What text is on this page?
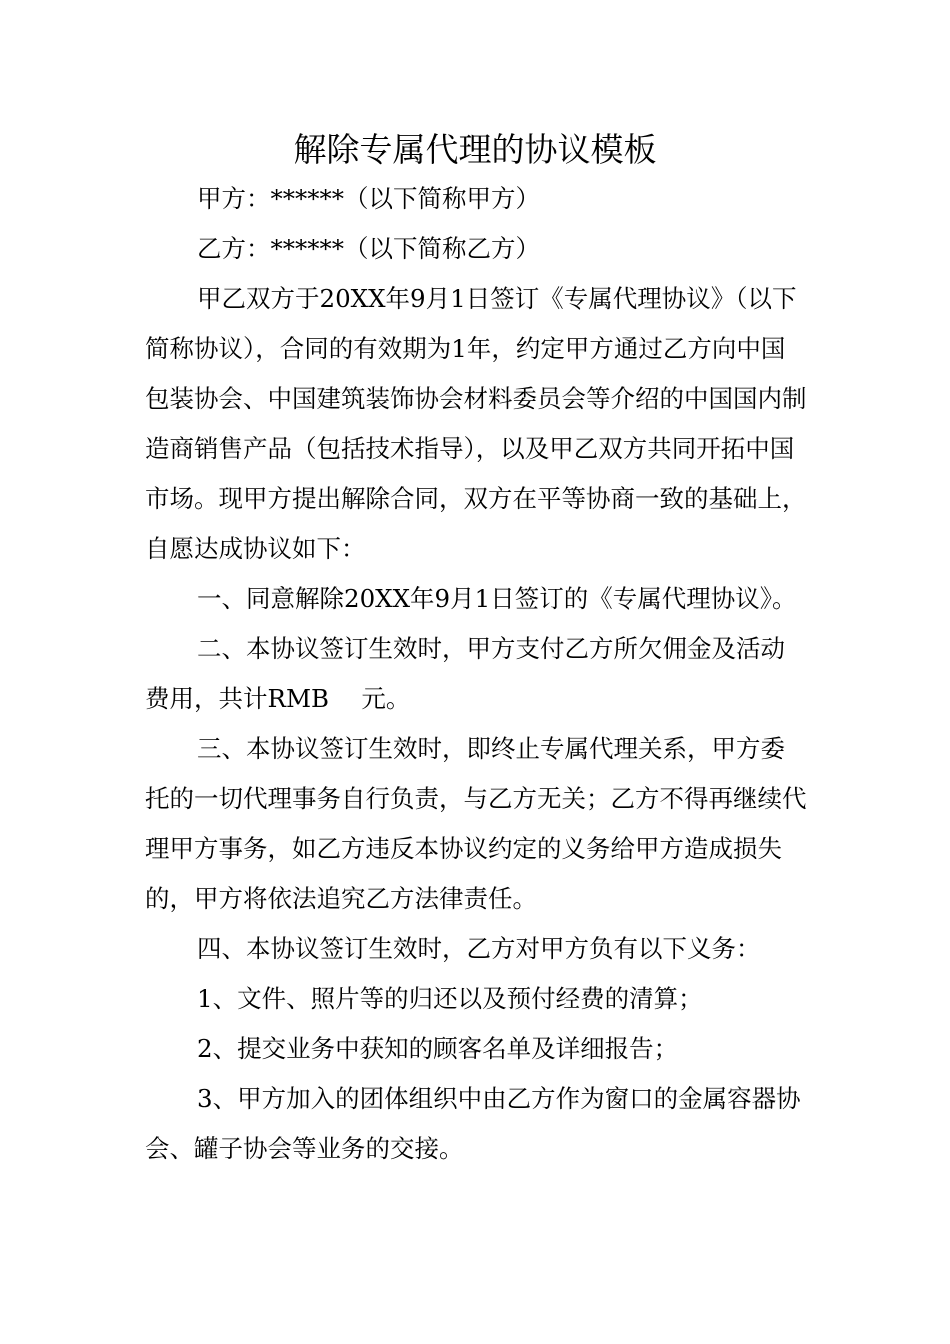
解除专属代理的协议模板

甲方：******（以下简称甲方）

乙方：******（以下简称乙方）

甲乙双方于20XX年9月1日签订《专属代理协议》（以下简称协议），合同的有效期为1年，约定甲方通过乙方向中国包装协会、中国建筑装饰协会材料委员会等介绍的中国国内制造商销售产品（包括技术指导），以及甲乙双方共同开拓中国市场。现甲方提出解除合同，双方在平等协商一致的基础上，自愿达成协议如下：

一、同意解除20XX年9月1日签订的《专属代理协议》。

二、本协议签订生效时，甲方支付乙方所欠佣金及活动费用，共计RMB　 元。

三、本协议签订生效时，即终止专属代理关系，甲方委托的一切代理事务自行负责，与乙方无关；乙方不得再继续代理甲方事务，如乙方违反本协议约定的义务给甲方造成损失的，甲方将依法追究乙方法律责任。

四、本协议签订生效时，乙方对甲方负有以下义务：

1、文件、照片等的归还以及预付经费的清算；

2、提交业务中获知的顾客名单及详细报告；

3、甲方加入的团体组织中由乙方作为窗口的金属容器协会、罐子协会等业务的交接。
